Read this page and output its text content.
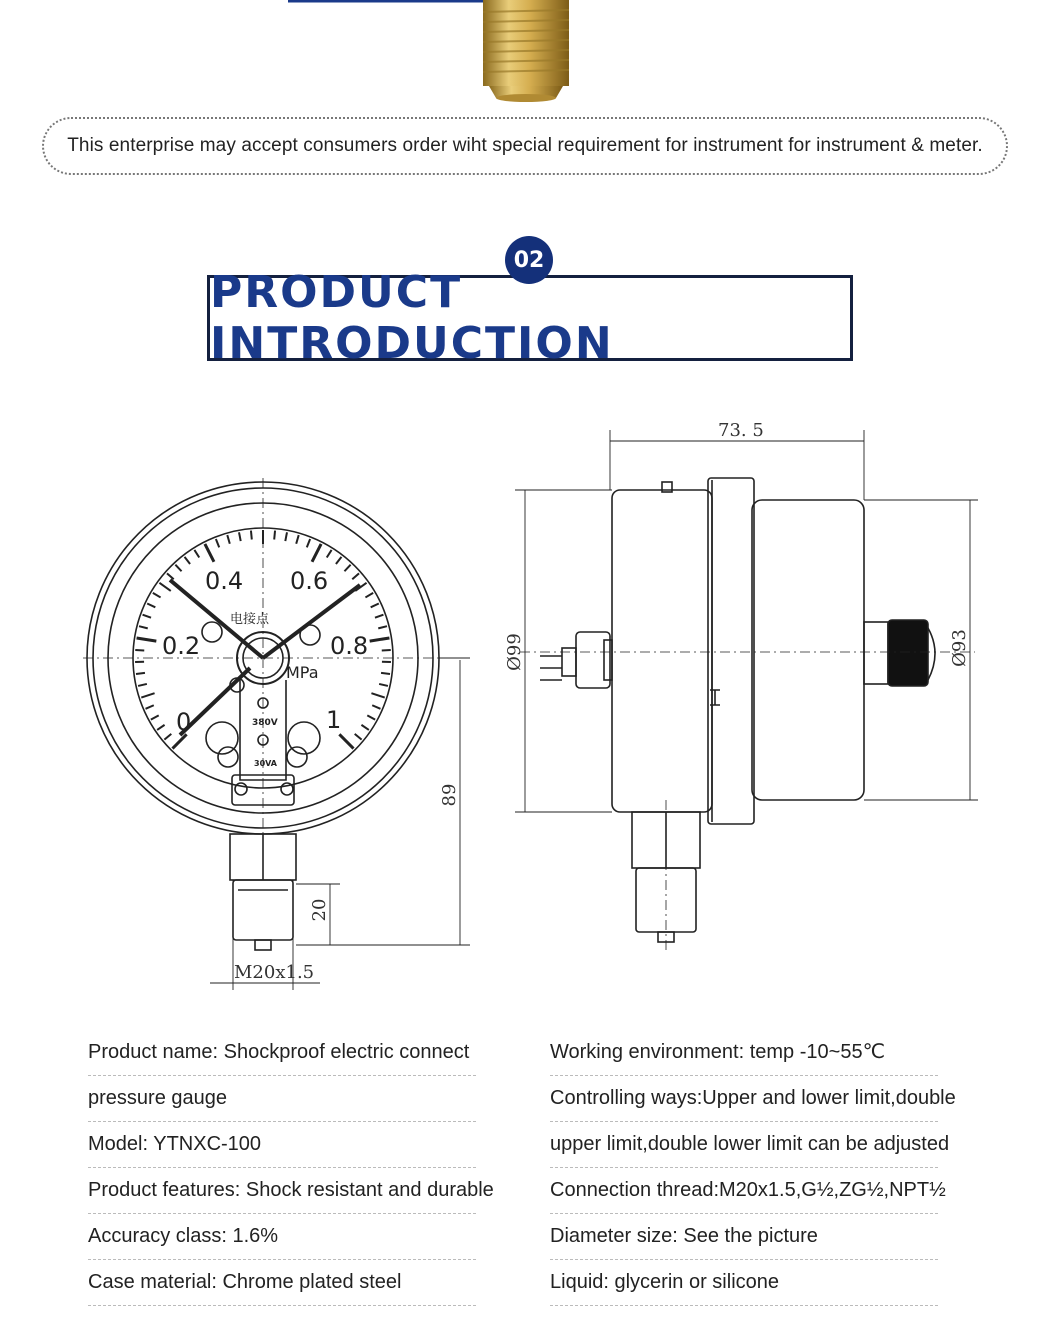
This enterprise may accept consumers order wiht special requirement for instrument for instrument & meter.
02
PRODUCT INTRODUCTION
0
0.2
0.4 0.6
0.8
1
MPa
电接点
380V
30VA
73. 5
Ø99	Ø93
89
20
M20x1.5
Product name: Shockproof electric connect
pressure gauge
Model: YTNXC-100
Product features: Shock resistant and durable
Accuracy class: 1.6%
Case material: Chrome plated steel
Working environment: temp -10~55℃
Controlling ways:Upper and lower limit,double
upper limit,double lower limit can be adjusted
Connection thread:M20x1.5,G½,ZG½,NPT½
Diameter size: See the picture
Liquid: glycerin or silicone
